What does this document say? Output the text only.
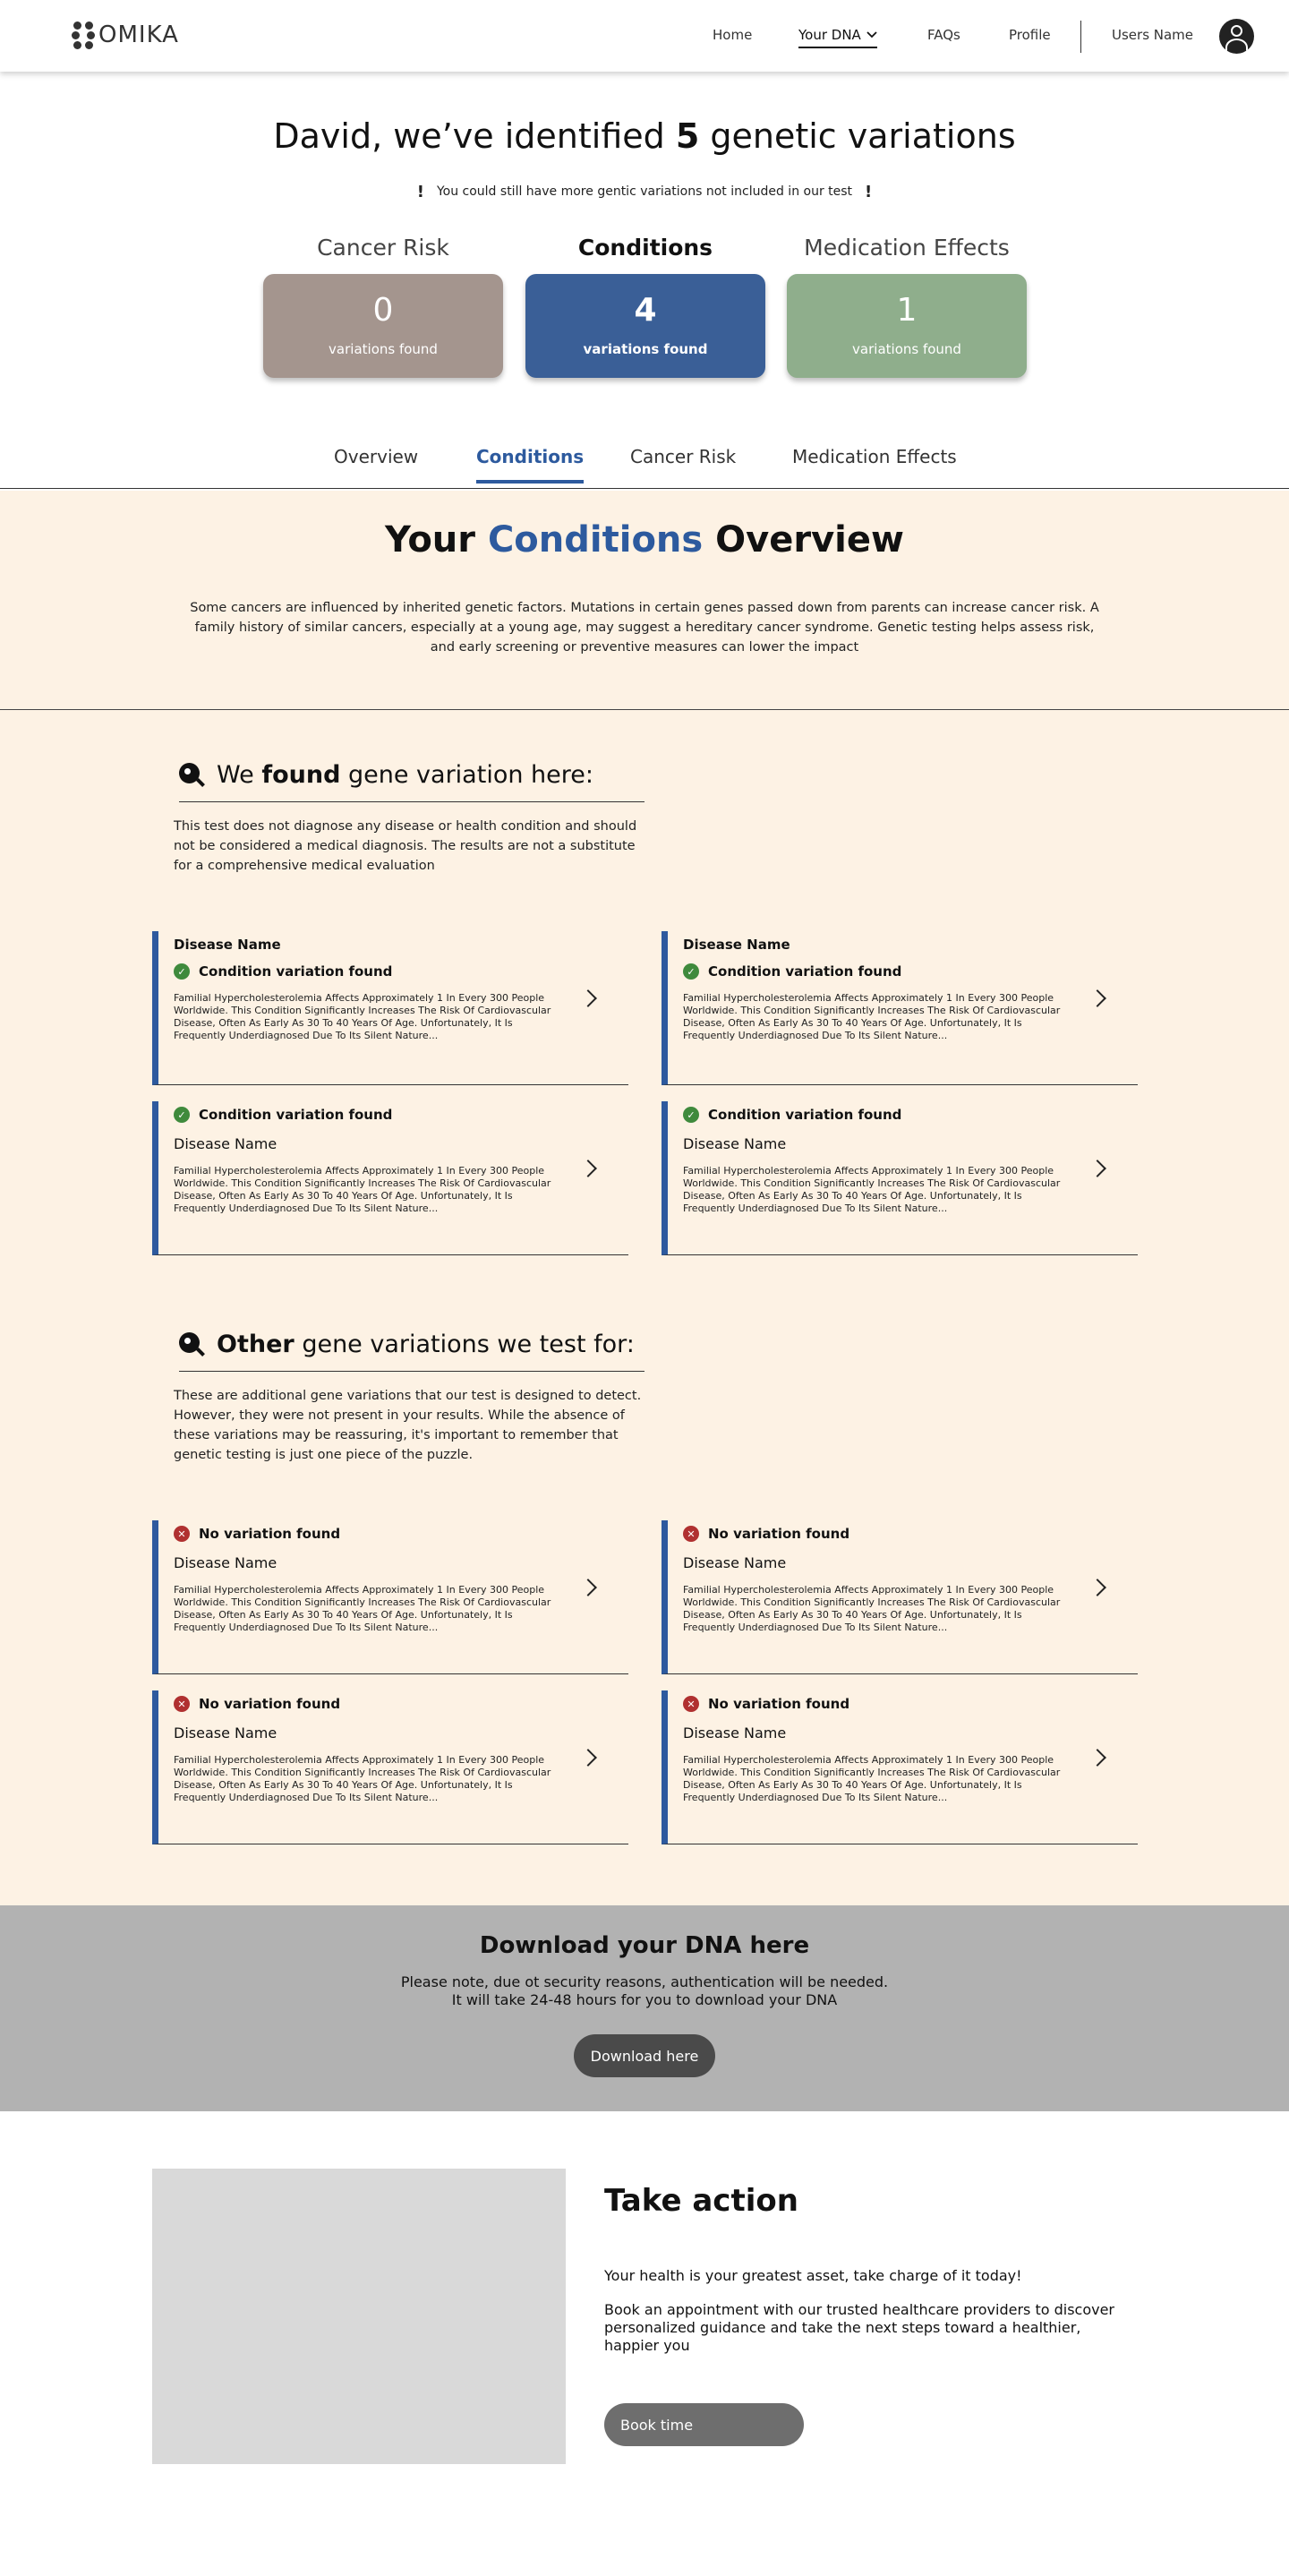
OMIKA	Home	Your DNA	FAQs	Profile	Users Name
David, we’ve identified 5 genetic variations
! You could still have more gentic variations not included in our test !
Cancer Risk
0
variations found
Conditions
4
variations found
Medication Effects
1
variations found
Overview	Conditions	Cancer Risk	Medication Effects
Your Conditions Overview

Some cancers are influenced by inherited genetic factors. Mutations in certain genes passed down from parents can increase cancer risk. A family history of similar cancers, especially at a young age, may suggest a hereditary cancer syndrome. Genetic testing helps assess risk, and early screening or preventive measures can lower the impact

We found gene variation here:

This test does not diagnose any disease or health condition and should not be considered a medical diagnosis. The results are not a substitute for a comprehensive medical evaluation

Disease Name
✓ Condition variation found
Familial Hypercholesterolemia Affects Approximately 1 In Every 300 People Worldwide. This Condition Significantly Increases The Risk Of Cardiovascular Disease, Often As Early As 30 To 40 Years Of Age. Unfortunately, It Is Frequently Underdiagnosed Due To Its Silent Nature...
Disease Name
✓ Condition variation found
Familial Hypercholesterolemia Affects Approximately 1 In Every 300 People Worldwide. This Condition Significantly Increases The Risk Of Cardiovascular Disease, Often As Early As 30 To 40 Years Of Age. Unfortunately, It Is Frequently Underdiagnosed Due To Its Silent Nature...
✓ Condition variation found
Disease Name
Familial Hypercholesterolemia Affects Approximately 1 In Every 300 People Worldwide. This Condition Significantly Increases The Risk Of Cardiovascular Disease, Often As Early As 30 To 40 Years Of Age. Unfortunately, It Is Frequently Underdiagnosed Due To Its Silent Nature...
✓ Condition variation found
Disease Name
Familial Hypercholesterolemia Affects Approximately 1 In Every 300 People Worldwide. This Condition Significantly Increases The Risk Of Cardiovascular Disease, Often As Early As 30 To 40 Years Of Age. Unfortunately, It Is Frequently Underdiagnosed Due To Its Silent Nature...
Other gene variations we test for:

These are additional gene variations that our test is designed to detect. However, they were not present in your results. While the absence of these variations may be reassuring, it's important to remember that genetic testing is just one piece of the puzzle.

✕ No variation found
Disease Name
Familial Hypercholesterolemia Affects Approximately 1 In Every 300 People Worldwide. This Condition Significantly Increases The Risk Of Cardiovascular Disease, Often As Early As 30 To 40 Years Of Age. Unfortunately, It Is Frequently Underdiagnosed Due To Its Silent Nature...
✕ No variation found
Disease Name
Familial Hypercholesterolemia Affects Approximately 1 In Every 300 People Worldwide. This Condition Significantly Increases The Risk Of Cardiovascular Disease, Often As Early As 30 To 40 Years Of Age. Unfortunately, It Is Frequently Underdiagnosed Due To Its Silent Nature...
✕ No variation found
Disease Name
Familial Hypercholesterolemia Affects Approximately 1 In Every 300 People Worldwide. This Condition Significantly Increases The Risk Of Cardiovascular Disease, Often As Early As 30 To 40 Years Of Age. Unfortunately, It Is Frequently Underdiagnosed Due To Its Silent Nature...
✕ No variation found
Disease Name
Familial Hypercholesterolemia Affects Approximately 1 In Every 300 People Worldwide. This Condition Significantly Increases The Risk Of Cardiovascular Disease, Often As Early As 30 To 40 Years Of Age. Unfortunately, It Is Frequently Underdiagnosed Due To Its Silent Nature...
Download your DNA here
Please note, due ot security reasons, authentication will be needed.
It will take 24-48 hours for you to download your DNA
Download here
Take action

Your health is your greatest asset, take charge of it today!

Book an appointment with our trusted healthcare providers to discover personalized guidance and take the next steps toward a healthier, happier you

Book time
